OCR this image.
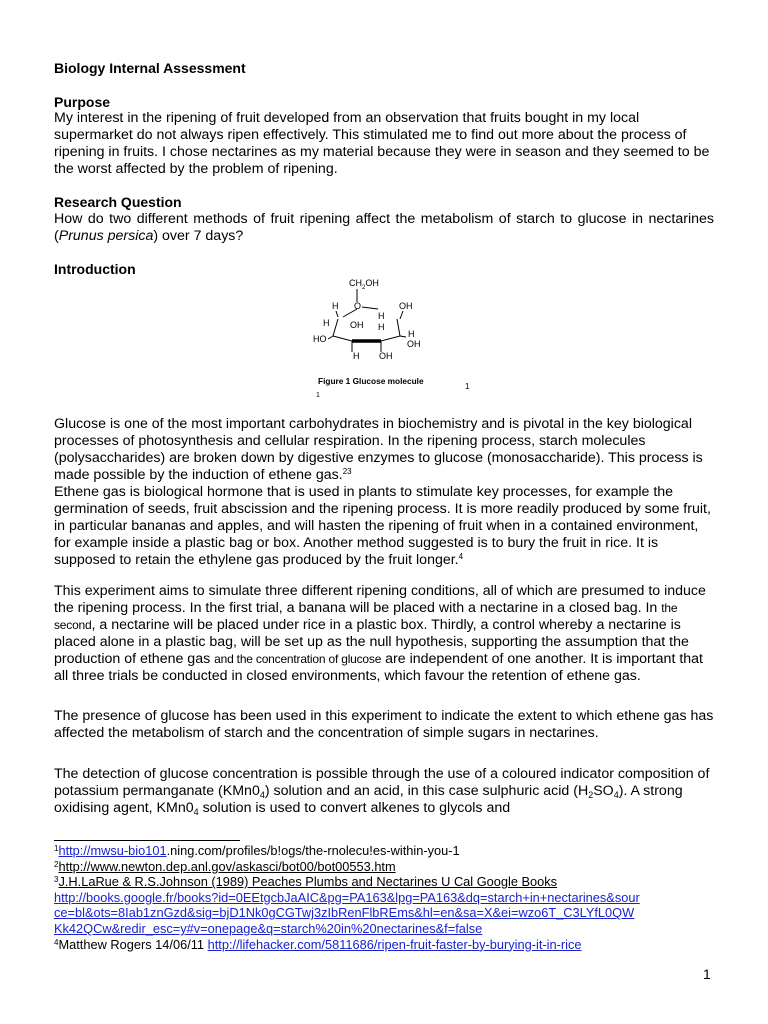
Biology Internal Assessment
Purpose

My interest in the ripening of fruit developed from an observation that fruits bought in my local supermarket do not always ripen effectively. This stimulated me to find out more about the process of ripening in fruits. I chose nectarines as my material because they were in season and they seemed to be the worst affected by the problem of ripening.

Research Question

How do two different methods of fruit ripening affect the metabolism of starch to glucose in nectarines (Prunus persica) over 7 days?

Introduction
$CH_2OH$
H O	OH
H
H OH H
HO	H
OH
H OH
Figure 1 Glucose molecule
1
1

Glucose is one of the most important carbohydrates in biochemistry and is pivotal in the key biological processes of photosynthesis and cellular respiration. In the ripening process, starch molecules (polysaccharides) are broken down by digestive enzymes to glucose (monosaccharide). This process is made possible by the induction of ethene gas.$^{23}$

Ethene gas is biological hormone that is used in plants to stimulate key processes, for example the germination of seeds, fruit abscission and the ripening process. It is more readily produced by some fruit, in particular bananas and apples, and will hasten the ripening of fruit when in a contained environment, for example inside a plastic bag or box. Another method suggested is to bury the fruit in rice. It is supposed to retain the ethylene gas produced by the fruit longer.$^4$

This experiment aims to simulate three different ripening conditions, all of which are presumed to induce the ripening process. In the first trial, a banana will be placed with a nectarine in a closed bag. In the second, a nectarine will be placed under rice in a plastic box. Thirdly, a control whereby a nectarine is placed alone in a plastic bag, will be set up as the null hypothesis, supporting the assumption that the production of ethene gas and the concentration of glucose are independent of one another. It is important that all three trials be conducted in closed environments, which favour the retention of ethene gas.

The presence of glucose has been used in this experiment to indicate the extent to which ethene gas has affected the metabolism of starch and the concentration of simple sugars in nectarines.

The detection of glucose concentration is possible through the use of a coloured indicator composition of potassium permanganate $(KMn0_4)$ solution and an acid, in this case sulphuric acid $(H_2SO_4)$. A strong oxidising agent, $KMn0_4$ solution is used to convert alkenes to glycols and

$^1$http://mwsu-bio101.ning.com/profiles/b!ogs/the-rnolecu!es-within-you-1
$^2$http://www.newton.dep.anl.gov/askasci/bot00/bot00553.htm
$^3$J.H.LaRue & R.S.Johnson (1989) Peaches Plumbs and Nectarines U Cal Google Books
http://books.google.fr/books?id=0EEtgcbJaAIC&pg=PA163&lpg=PA163&dq=starch+in+nectarines&sour
ce=bl&ots=8Iab1znGzd&sig=bjD1Nk0gCGTwj3zIbRenFlbREms&hl=en&sa=X&ei=wzo6T_C3LYfL0QW
Kk42QCw&redir_esc=y#v=onepage&q=starch%20in%20nectarines&f=false
$^4$Matthew Rogers 14/06/11 http://lifehacker.com/5811686/ripen-fruit-faster-by-burying-it-in-rice
1
